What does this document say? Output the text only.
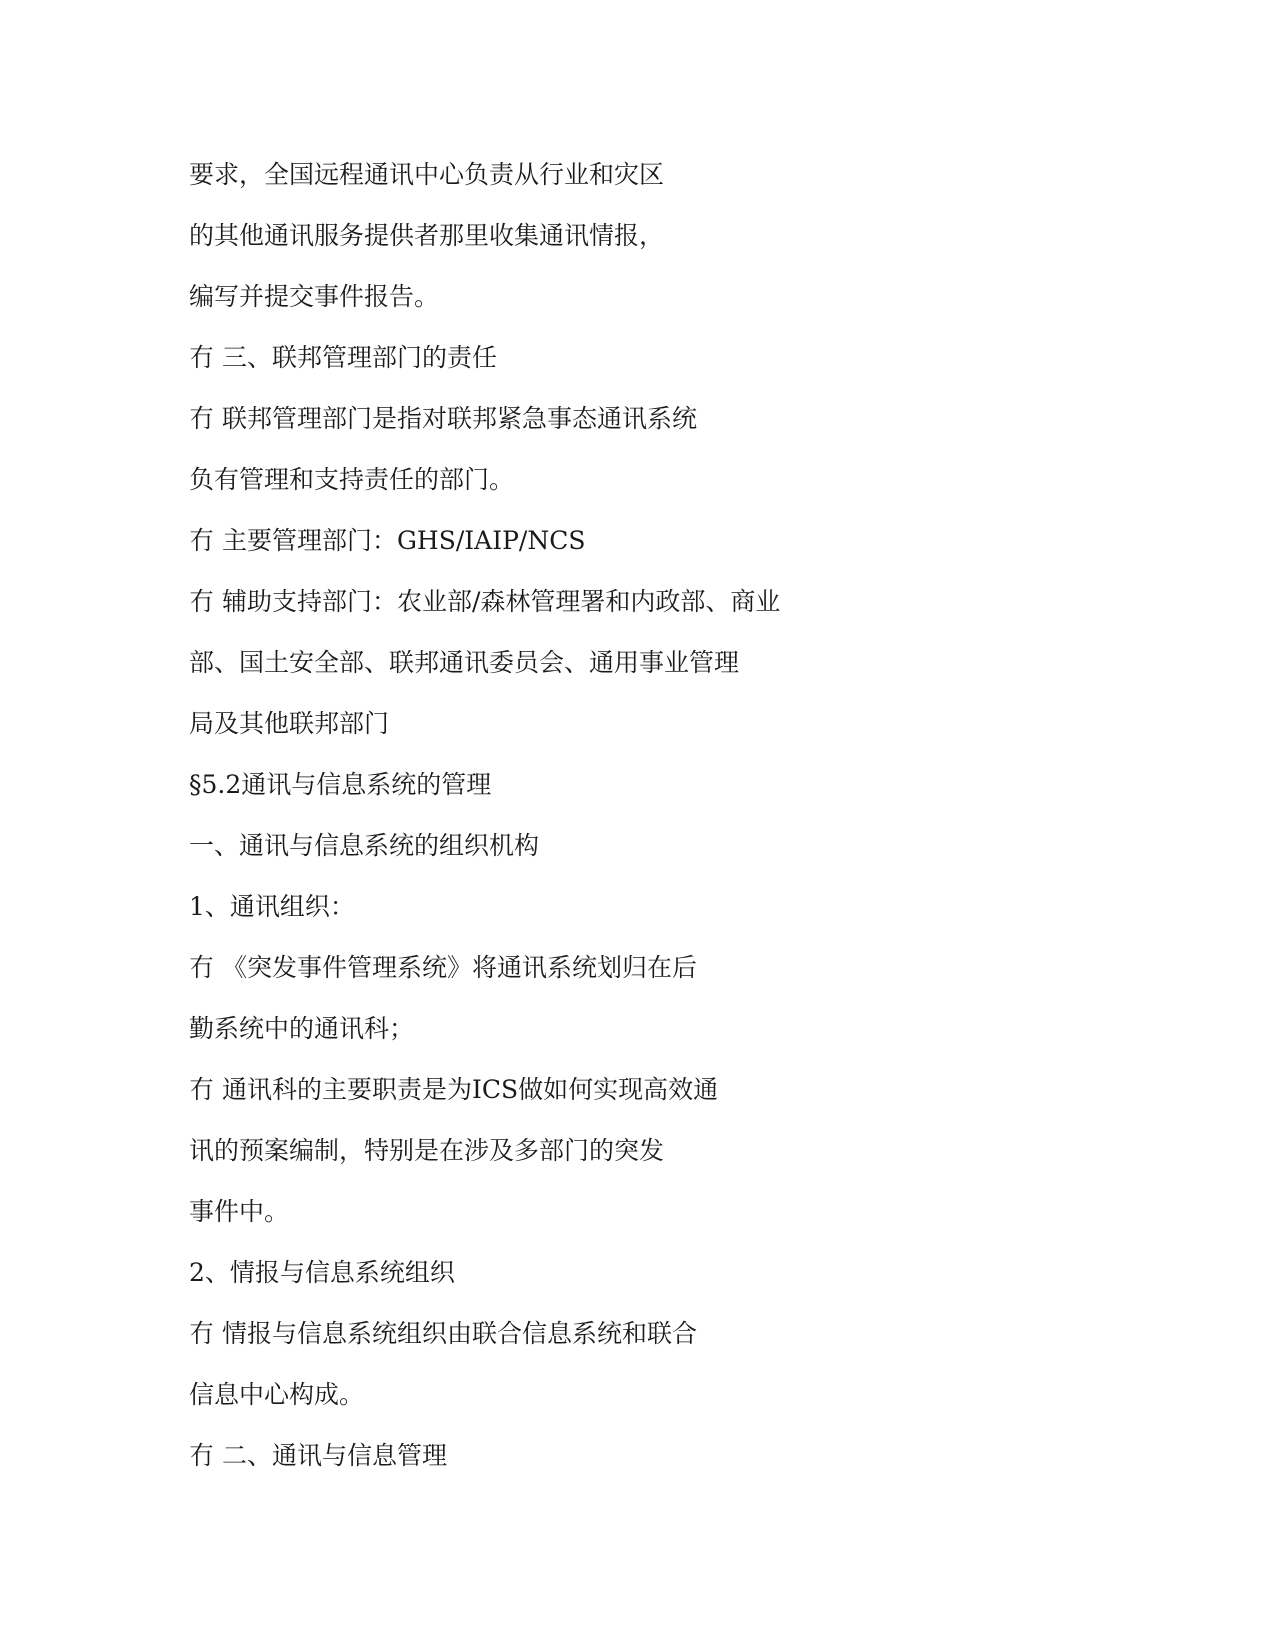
要求，全国远程通讯中心负责从行业和灾区
的其他通讯服务提供者那里收集通讯情报，
编写并提交事件报告。
冇 三、联邦管理部门的责任
冇 联邦管理部门是指对联邦紧急事态通讯系统
负有管理和支持责任的部门。
冇 主要管理部门：GHS/IAIP/NCS
冇 辅助支持部门：农业部/森林管理署和内政部、商业
部、国土安全部、联邦通讯委员会、通用事业管理
局及其他联邦部门
§5.2通讯与信息系统的管理
一、通讯与信息系统的组织机构
1、通讯组织：
冇 《突发事件管理系统》将通讯系统划归在后
勤系统中的通讯科；
冇 通讯科的主要职责是为ICS做如何实现高效通
讯的预案编制，特别是在涉及多部门的突发
事件中。
2、情报与信息系统组织
冇 情报与信息系统组织由联合信息系统和联合
信息中心构成。
冇 二、通讯与信息管理
